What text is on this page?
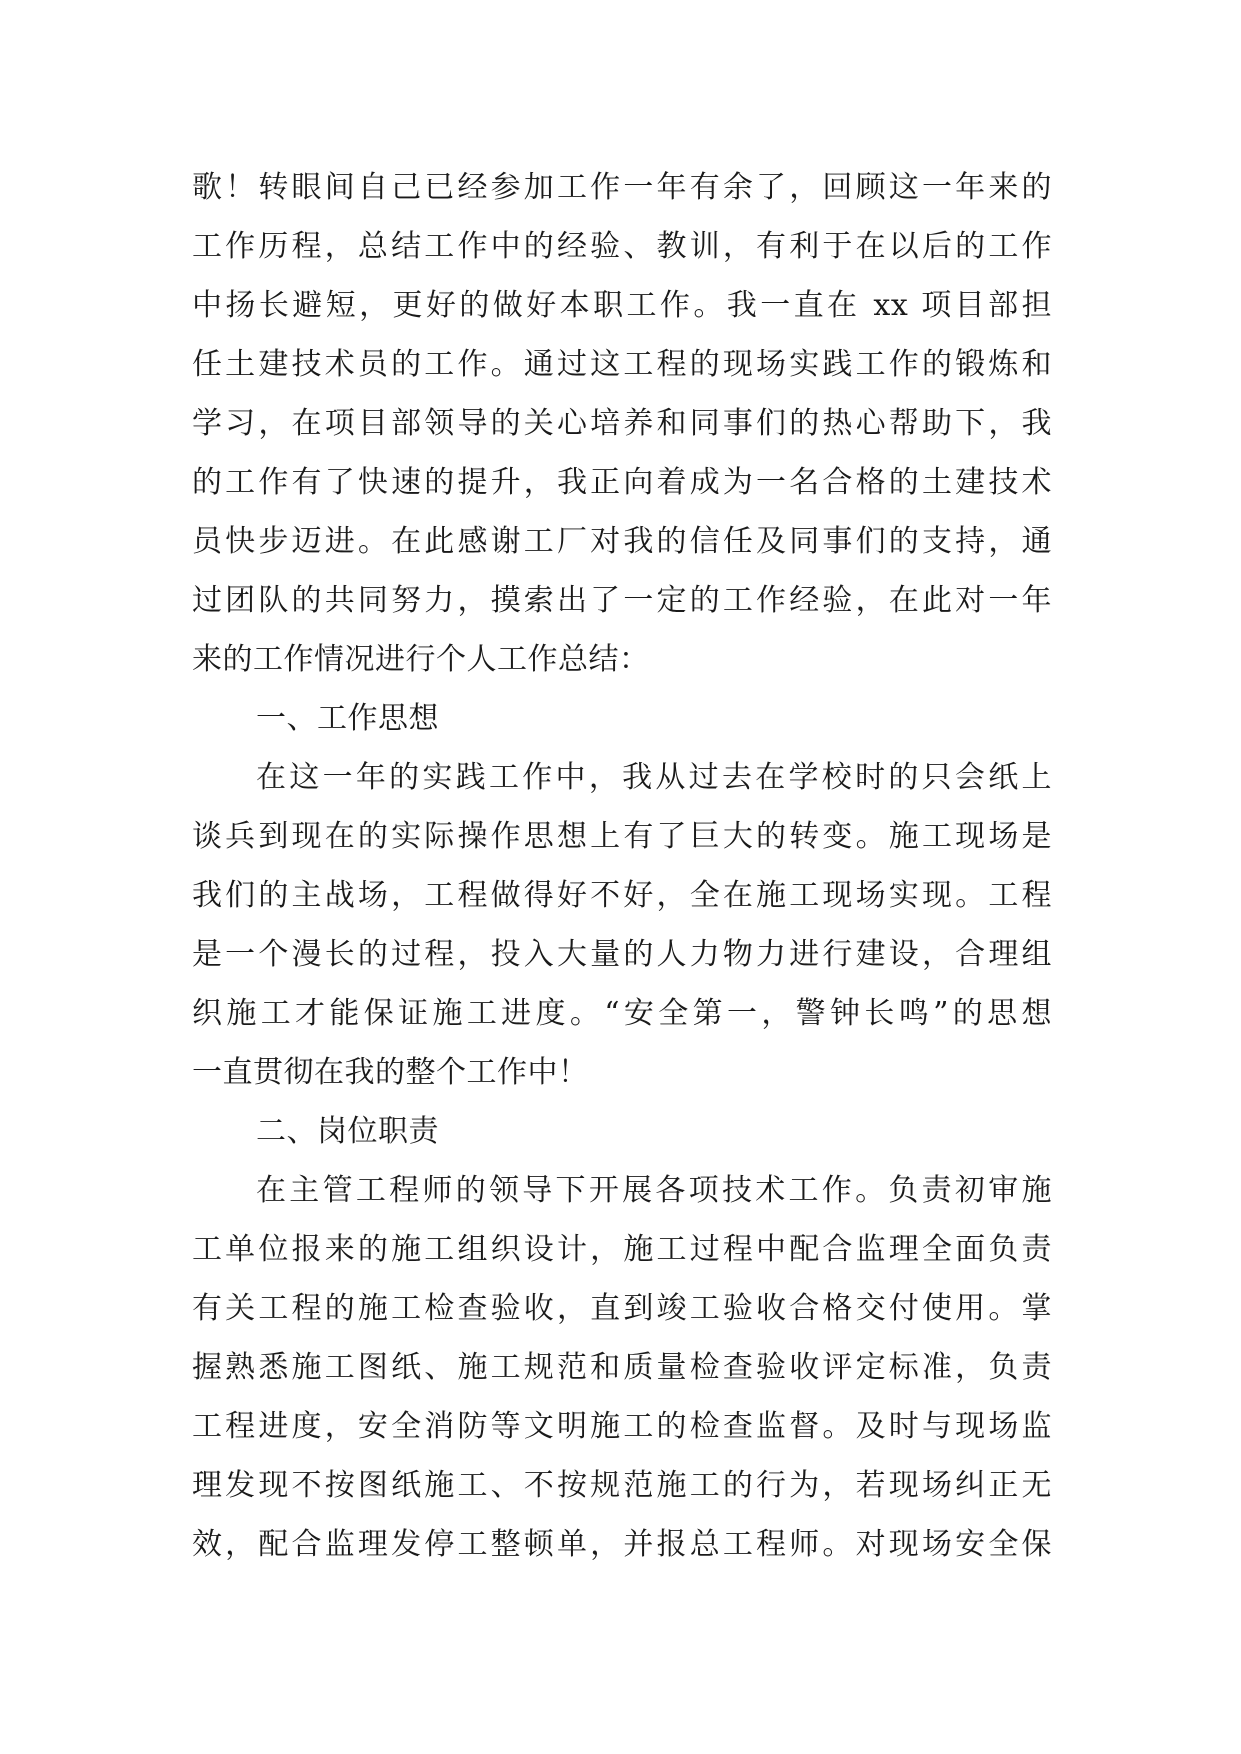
歌！转眼间自己已经参加工作一年有余了，回顾这一年来的
工作历程，总结工作中的经验、教训，有利于在以后的工作
中扬长避短，更好的做好本职工作。我一直在 xx 项目部担
任土建技术员的工作。通过这工程的现场实践工作的锻炼和
学习，在项目部领导的关心培养和同事们的热心帮助下，我
的工作有了快速的提升，我正向着成为一名合格的土建技术
员快步迈进。在此感谢工厂对我的信任及同事们的支持，通
过团队的共同努力，摸索出了一定的工作经验，在此对一年
来的工作情况进行个人工作总结：
一、工作思想
在这一年的实践工作中，我从过去在学校时的只会纸上
谈兵到现在的实际操作思想上有了巨大的转变。施工现场是
我们的主战场，工程做得好不好，全在施工现场实现。工程
是一个漫长的过程，投入大量的人力物力进行建设，合理组
织施工才能保证施工进度。“安全第一，警钟长鸣”的思想
一直贯彻在我的整个工作中！
二、岗位职责
在主管工程师的领导下开展各项技术工作。负责初审施
工单位报来的施工组织设计，施工过程中配合监理全面负责
有关工程的施工检查验收，直到竣工验收合格交付使用。掌
握熟悉施工图纸、施工规范和质量检查验收评定标准，负责
工程进度，安全消防等文明施工的检查监督。及时与现场监
理发现不按图纸施工、不按规范施工的行为，若现场纠正无
效，配合监理发停工整顿单，并报总工程师。对现场安全保
